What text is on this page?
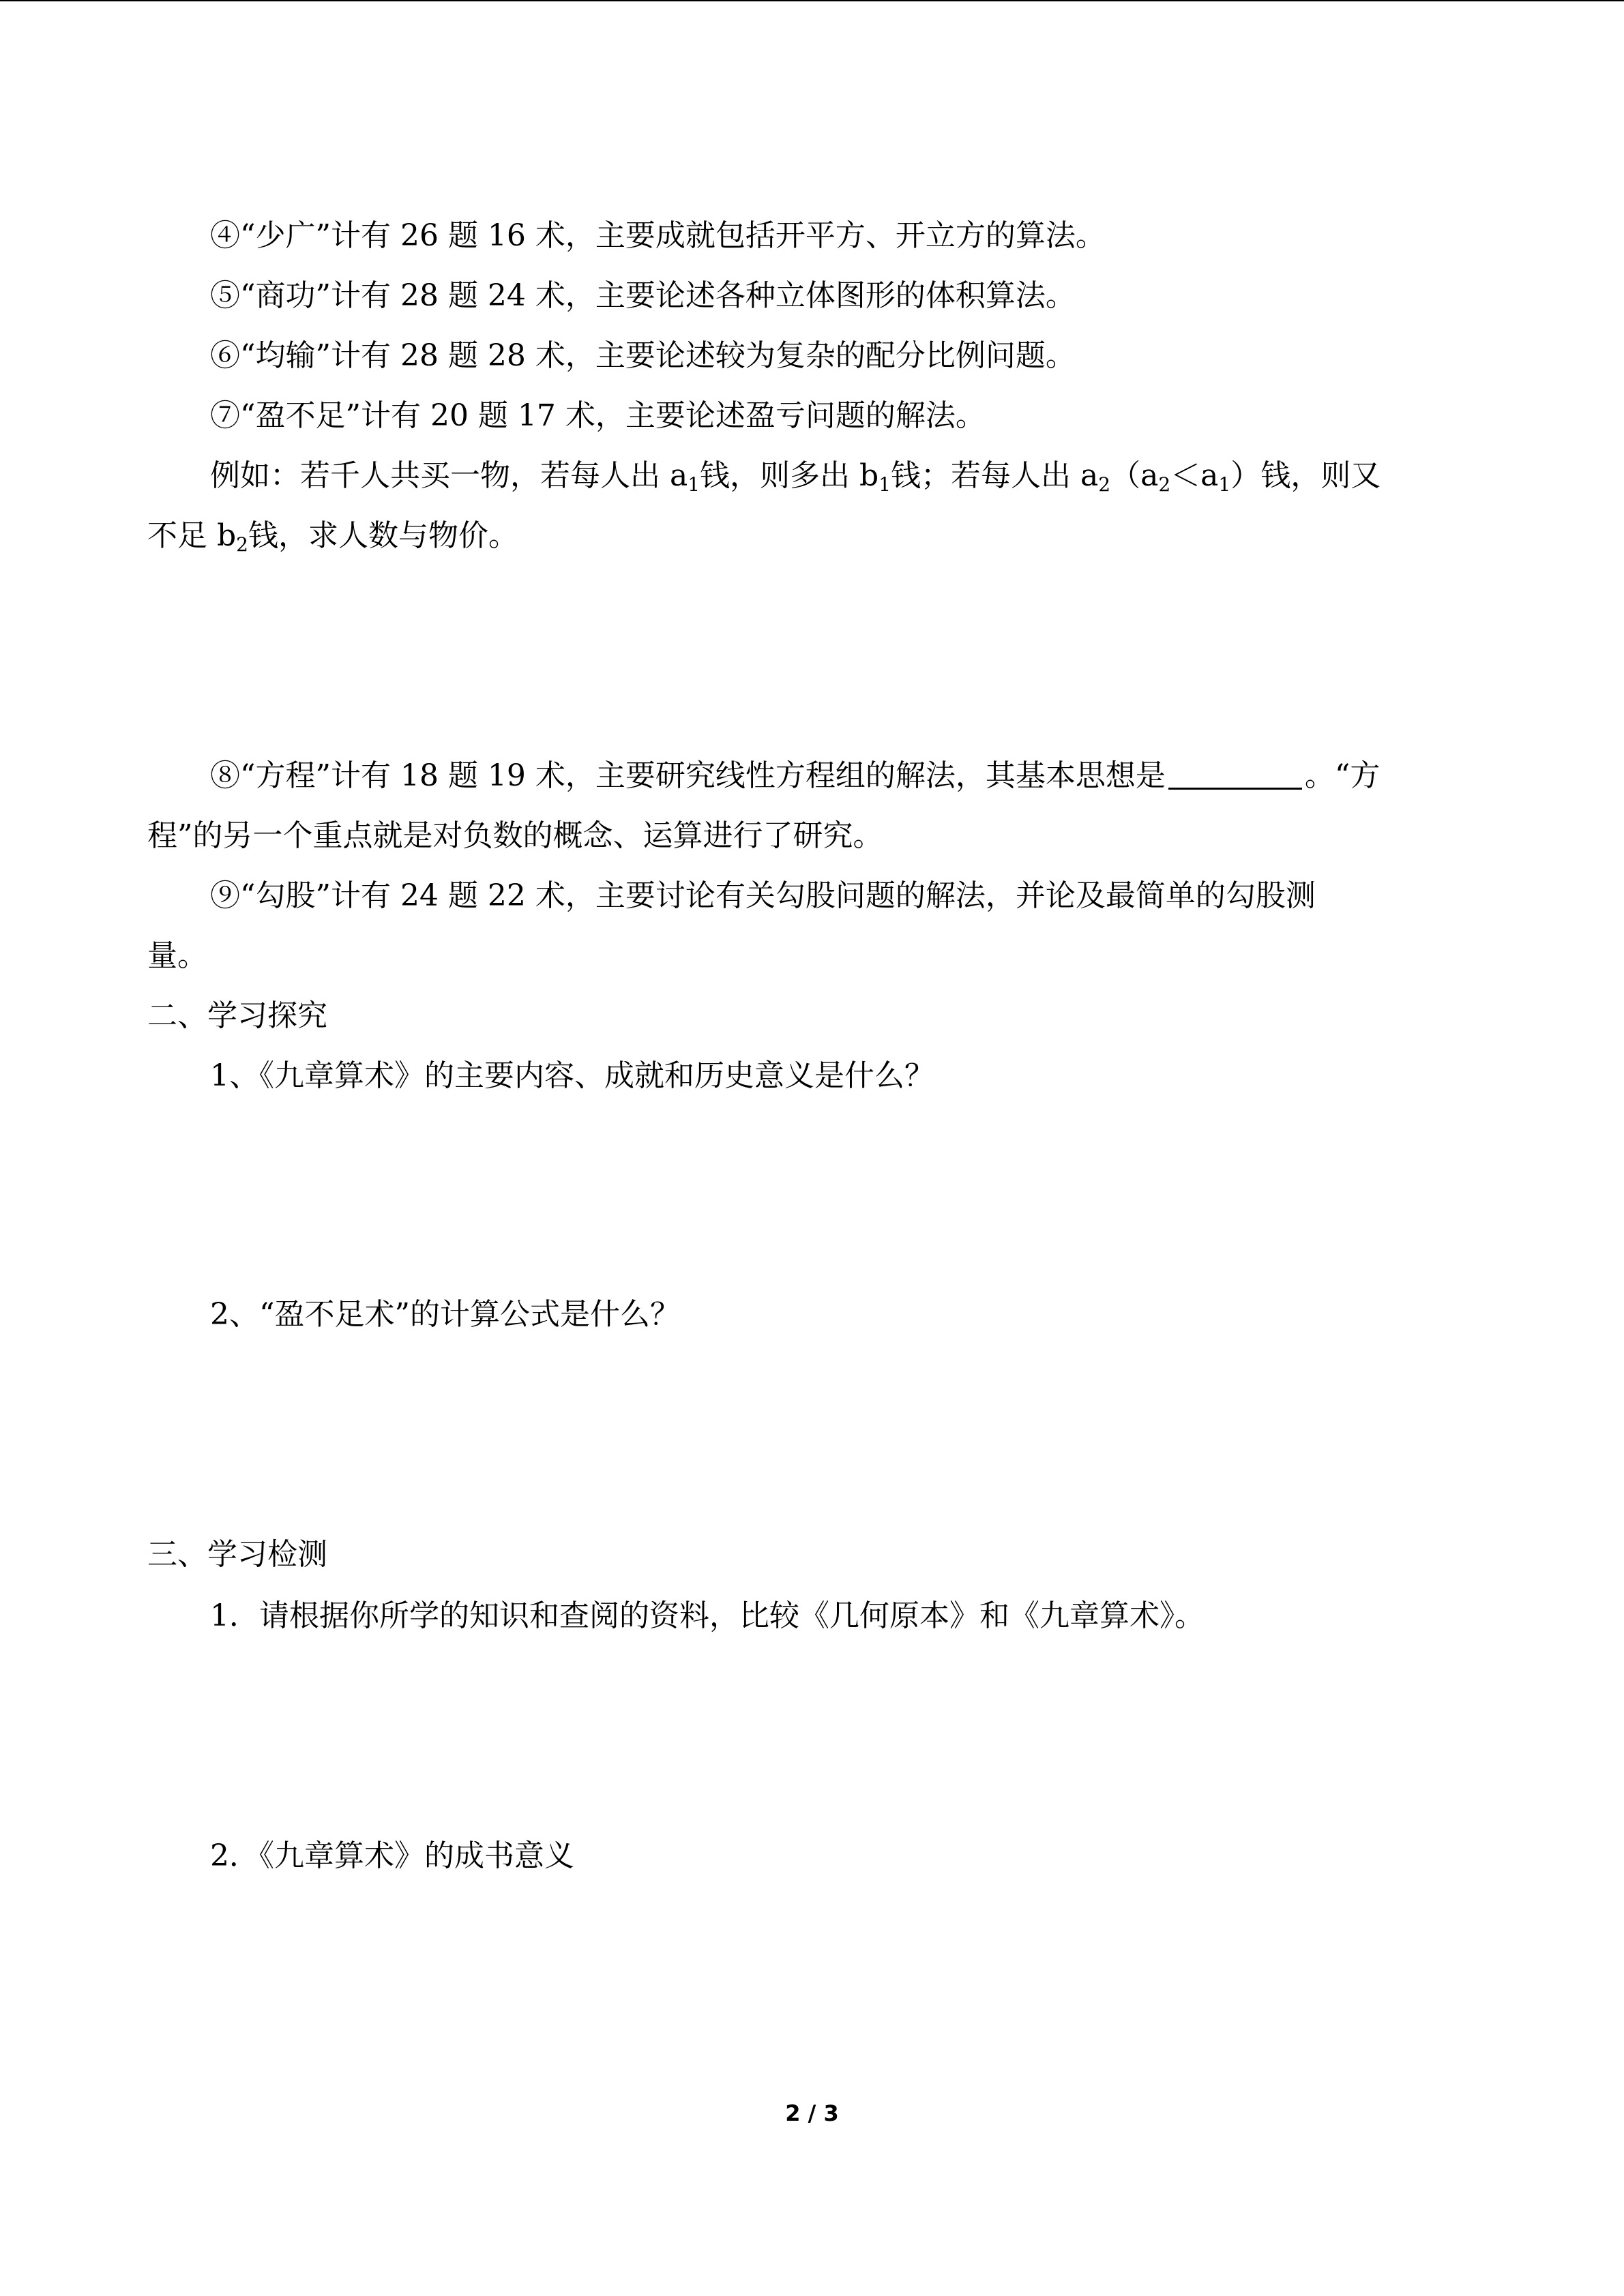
④“少广”计有 26 题 16 术，主要成就包括开平方、开立方的算法。
⑤“商功”计有 28 题 24 术，主要论述各种立体图形的体积算法。
⑥“均输”计有 28 题 28 术，主要论述较为复杂的配分比例问题。
⑦“盈不足”计有 20 题 17 术，主要论述盈亏问题的解法。
例如：若千人共买一物，若每人出 $a_1$钱，则多出 $b_1$钱；若每人出 $a_2(a_2<a_1)$钱，则又
不足 $b_2$钱，求人数与物价。
⑧“方程”计有 18 题 19 术，主要研究线性方程组的解法，其基本思想是	。“方
程”的另一个重点就是对负数的概念、运算进行了研究。
⑨“勾股”计有 24 题 22 术，主要讨论有关勾股问题的解法，并论及最简单的勾股测
量。
二、学习探究
1、《九章算术》的主要内容、成就和历史意义是什么？
2、“盈不足术”的计算公式是什么？
三、学习检测
1．请根据你所学的知识和查阅的资料，比较《几何原本》和《九章算术》。
2．《九章算术》的成书意义
2 / 3
